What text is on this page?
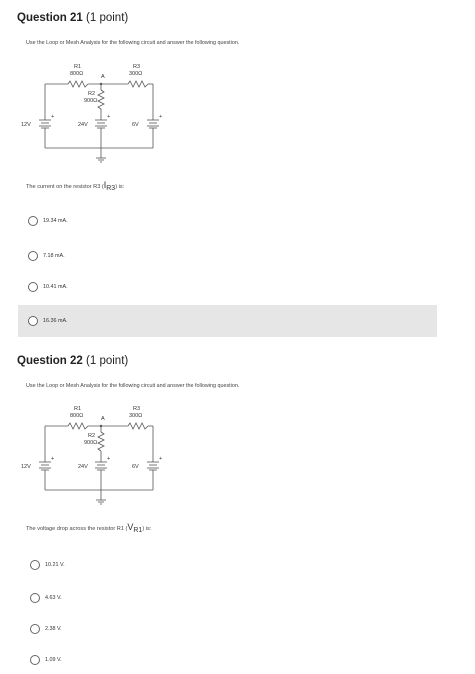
Question 21 (1 point)
Use the Loop or Mesh Analysis for the following circuit and answer the following question.
R1
800Ω	A
R3
300Ω
R2
900Ω
12V	24V	6V
+	+	+
The current on the resistor R3 $(I_{R3})$ is:
19.34 mA.
7.18 mA.
10.41 mA.
16.36 mA.
Question 22 (1 point)
Use the Loop or Mesh Analysis for the following circuit and answer the following question.
R1
800Ω	A
R3
300Ω
R2
900Ω
12V	24V	6V
+	+	+
The voltage drop across the resistor R1 $(V_{R1})$ is:
10.21 V.
4.63 V.
2.38 V.
1.09 V.
